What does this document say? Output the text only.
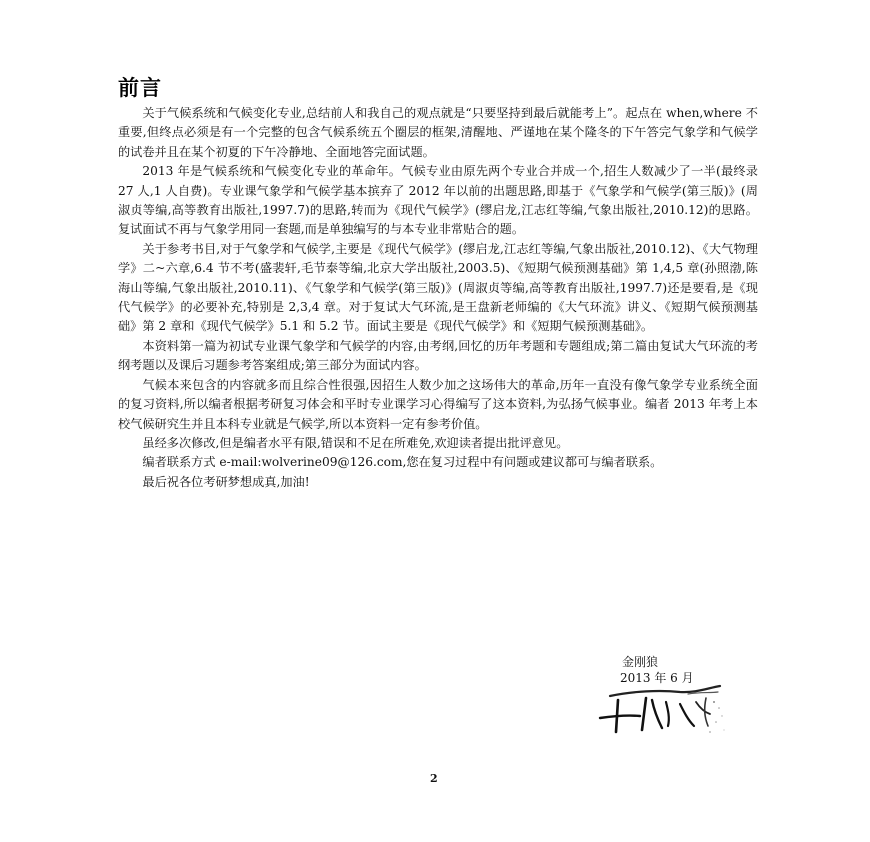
前言

关于气候系统和气候变化专业,总结前人和我自己的观点就是“只要坚持到最后就能考上”。起点在 when,where 不重要,但终点必须是有一个完整的包含气候系统五个圈层的框架,清醒地、严谨地在某个隆冬的下午答完气象学和气候学的试卷并且在某个初夏的下午冷静地、全面地答完面试题。

2013 年是气候系统和气候变化专业的革命年。气候专业由原先两个专业合并成一个,招生人数减少了一半(最终录 27 人,1 人自费)。专业课气象学和气候学基本摈弃了 2012 年以前的出题思路,即基于《气象学和气候学(第三版)》(周淑贞等编,高等教育出版社,1997.7)的思路,转而为《现代气候学》(缪启龙,江志红等编,气象出版社,2010.12)的思路。复试面试不再与气象学用同一套题,而是单独编写的与本专业非常贴合的题。

关于参考书目,对于气象学和气候学,主要是《现代气候学》(缪启龙,江志红等编,气象出版社,2010.12)、《大气物理学》二~六章,6.4 节不考(盛裴轩,毛节泰等编,北京大学出版社,2003.5)、《短期气候预测基础》第 1,4,5 章(孙照渤,陈海山等编,气象出版社,2010.11)、《气象学和气候学(第三版)》(周淑贞等编,高等教育出版社,1997.7)还是要看,是《现代气候学》的必要补充,特别是 2,3,4 章。对于复试大气环流,是王盘新老师编的《大气环流》讲义、《短期气候预测基础》第 2 章和《现代气候学》5.1 和 5.2 节。面试主要是《现代气候学》和《短期气候预测基础》。

本资料第一篇为初试专业课气象学和气候学的内容,由考纲,回忆的历年考题和专题组成;第二篇由复试大气环流的考纲考题以及课后习题参考答案组成;第三部分为面试内容。

气候本来包含的内容就多而且综合性很强,因招生人数少加之这场伟大的革命,历年一直没有像气象学专业系统全面的复习资料,所以编者根据考研复习体会和平时专业课学习心得编写了这本资料,为弘扬气候事业。编者 2013 年考上本校气候研究生并且本科专业就是气候学,所以本资料一定有参考价值。

虽经多次修改,但是编者水平有限,错误和不足在所难免,欢迎读者提出批评意见。

编者联系方式 e-mail:wolverine09@126.com,您在复习过程中有问题或建议都可与编者联系。

最后祝各位考研梦想成真,加油!

金刚狼
2013 年 6 月
2
